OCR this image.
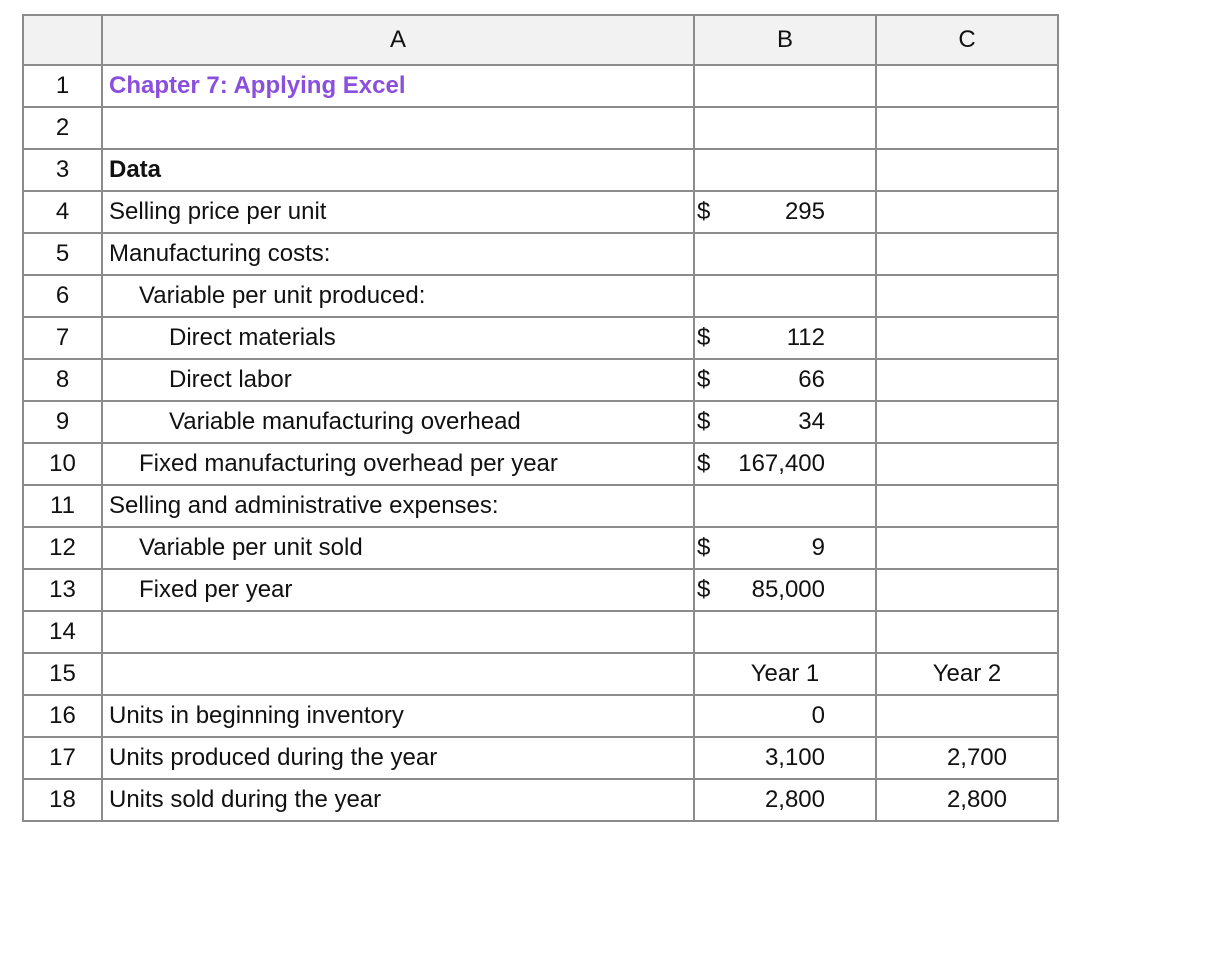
	A	B	C
1	Chapter 7: Applying Excel		
2			
3	Data		
4	Selling price per unit	$ 295	

5	Manufacturing costs:		
6	Variable per unit produced:		
7	Direct materials	$ 112	

8	Direct labor	$ 66	

9	Variable manufacturing overhead	$ 34	

10	Fixed manufacturing overhead per year	$ 167,400	

11	Selling and administrative expenses:		
12	Variable per unit sold	$ 9	

13	Fixed per year	$ 85,000	

14			
15		Year 1	Year 2
16	Units in beginning inventory	0	
17	Units produced during the year	3,100	2,700
18	Units sold during the year	2,800	2,800
